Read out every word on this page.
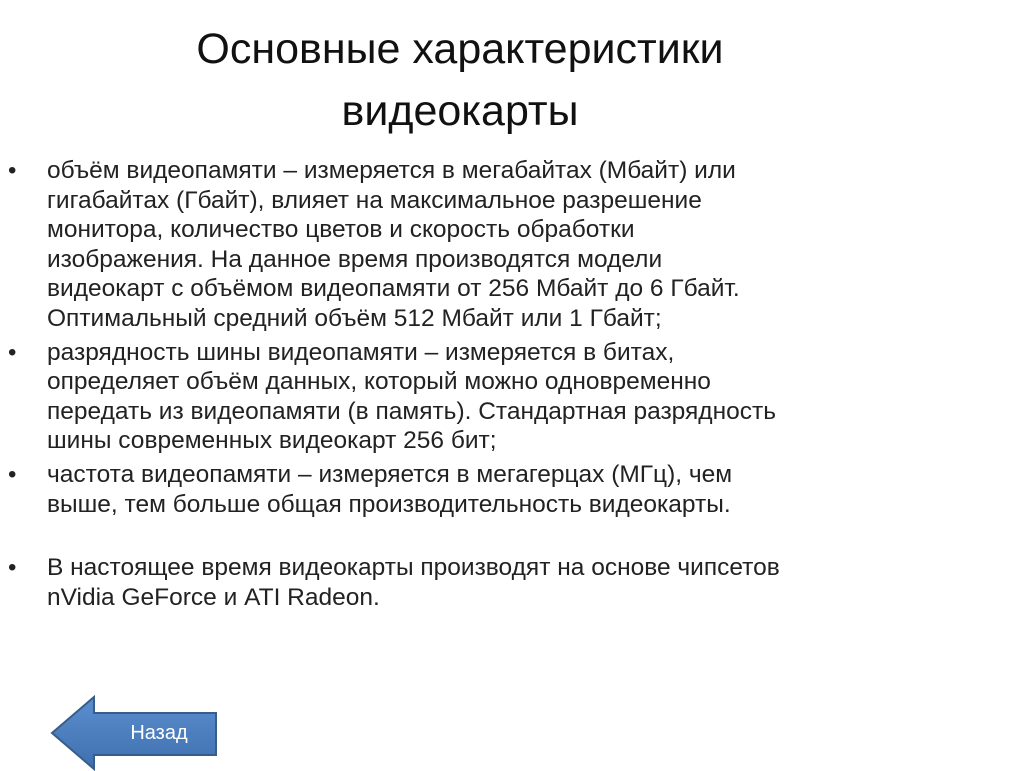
Основные характеристики
видеокарты
• объём видеопамяти – измеряется в мегабайтах (Мбайт) или
гигабайтах (Гбайт), влияет на максимальное разрешение
монитора, количество цветов и скорость обработки
изображения. На данное время производятся модели
видеокарт с объёмом видеопамяти от 256 Мбайт до 6 Гбайт.
Оптимальный средний объём 512 Мбайт или 1 Гбайт;
• разрядность шины видеопамяти – измеряется в битах,
определяет объём данных, который можно одновременно
передать из видеопамяти (в память). Стандартная разрядность
шины современных видеокарт 256 бит;
• частота видеопамяти – измеряется в мегагерцах (МГц), чем
выше, тем больше общая производительность видеокарты.
• В настоящее время видеокарты производят на основе чипсетов
nVidia GeForce и ATI Radeon.
Назад
